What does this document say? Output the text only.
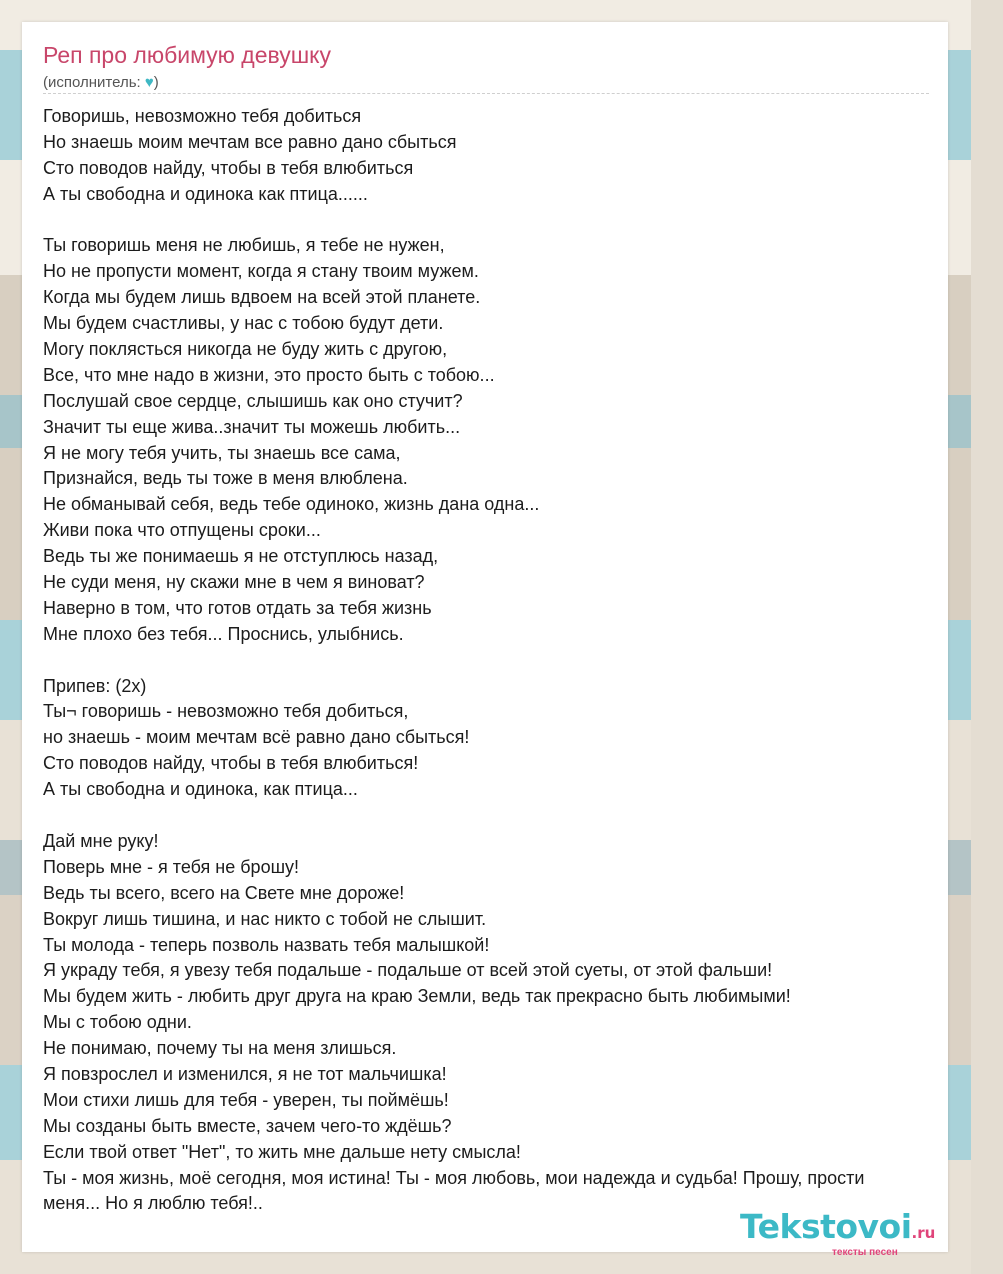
Реп про любимую девушку
(исполнитель: ♥)
Говоришь, невозможно тебя добиться
Но знаешь моим мечтам все равно дано сбыться
Сто поводов найду, чтобы в тебя влюбиться
А ты свободна и одинока как птица......
Ты говоришь меня не любишь, я тебе не нужен,
Но не пропусти момент, когда я стану твоим мужем.
Когда мы будем лишь вдвоем на всей этой планете.
Мы будем счастливы, у нас с тобою будут дети.
Могу поклясться никогда не буду жить с другою,
Все, что мне надо в жизни, это просто быть с тобою...
Послушай свое сердце, слышишь как оно стучит?
Значит ты еще жива..значит ты можешь любить...
Я не могу тебя учить, ты знаешь все сама,
Признайся, ведь ты тоже в меня влюблена.
Не обманывай себя, ведь тебе одиноко, жизнь дана одна...
Живи пока что отпущены сроки...
Ведь ты же понимаешь я не отступлюсь назад,
Не суди меня, ну скажи мне в чем я виноват?
Наверно в том, что готов отдать за тебя жизнь
Мне плохо без тебя... Проснись, улыбнись.
Припев: (2х)
Ты¬ говоришь - невозможно тебя добиться,
но знаешь - моим мечтам всё равно дано сбыться!
Сто поводов найду, чтобы в тебя влюбиться!
А ты свободна и одинока, как птица...
Дай мне руку!
Поверь мне - я тебя не брошу!
Ведь ты всего, всего на Свете мне дороже!
Вокруг лишь тишина, и нас никто с тобой не слышит.
Ты молода - теперь позволь назвать тебя малышкой!
Я украду тебя, я увезу тебя подальше - подальше от всей этой суеты, от этой фальши!
Мы будем жить - любить друг друга на краю Земли, ведь так прекрасно быть любимыми!
Мы с тобою одни.
Не понимаю, почему ты на меня злишься.
Я повзрослел и изменился, я не тот мальчишка!
Мои стихи лишь для тебя - уверен, ты поймёшь!
Мы созданы быть вместе, зачем чего-то ждёшь?
Если твой ответ "Нет", то жить мне дальше нету смысла!
Ты - моя жизнь, моё сегодня, моя истина! Ты - моя любовь, мои надежда и судьба! Прошу, прости
меня... Но я люблю тебя!..
Tekstovoi.ru
тексты песен
